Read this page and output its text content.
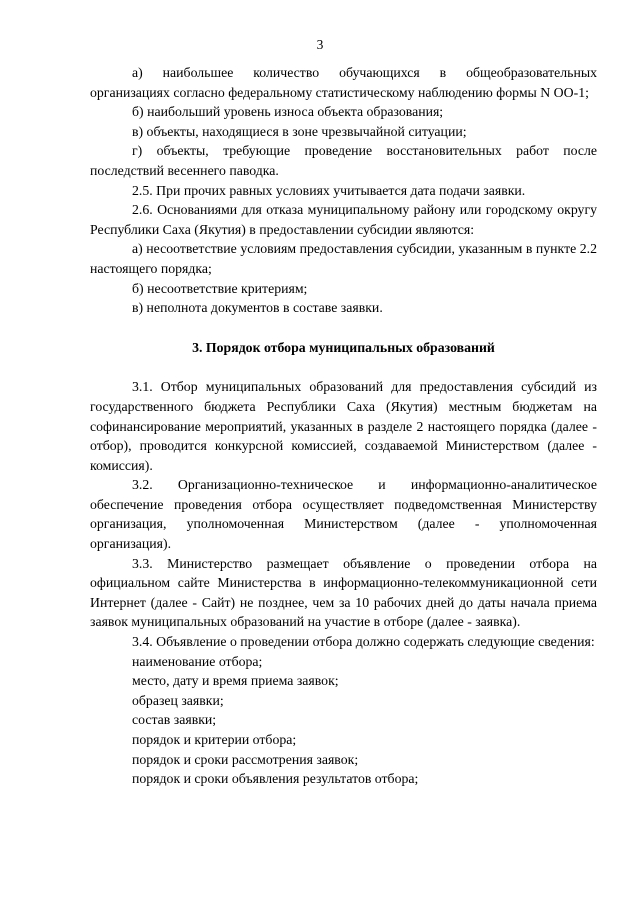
3

а) наибольшее количество обучающихся в общеобразовательных организациях согласно федеральному статистическому наблюдению формы N ОО-1;

б) наибольший уровень износа объекта образования;

в) объекты, находящиеся в зоне чрезвычайной ситуации;

г) объекты, требующие проведение восстановительных работ после последствий весеннего паводка.

2.5. При прочих равных условиях учитывается дата подачи заявки.

2.6. Основаниями для отказа муниципальному району или городскому округу Республики Саха (Якутия) в предоставлении субсидии являются:

а) несоответствие условиям предоставления субсидии, указанным в пункте 2.2 настоящего порядка;

б) несоответствие критериям;

в) неполнота документов в составе заявки.

3. Порядок отбора муниципальных образований

3.1. Отбор муниципальных образований для предоставления субсидий из государственного бюджета Республики Саха (Якутия) местным бюджетам на софинансирование мероприятий, указанных в разделе 2 настоящего порядка (далее - отбор), проводится конкурсной комиссией, создаваемой Министерством (далее - комиссия).

3.2. Организационно-техническое и информационно-аналитическое обеспечение проведения отбора осуществляет подведомственная Министерству организация, уполномоченная Министерством (далее - уполномоченная организация).

3.3. Министерство размещает объявление о проведении отбора на официальном сайте Министерства в информационно-телекоммуникационной сети Интернет (далее - Сайт) не позднее, чем за 10 рабочих дней до даты начала приема заявок муниципальных образований на участие в отборе (далее - заявка).

3.4. Объявление о проведении отбора должно содержать следующие сведения:

наименование отбора;

место, дату и время приема заявок;

образец заявки;

состав заявки;

порядок и критерии отбора;

порядок и сроки рассмотрения заявок;

порядок и сроки объявления результатов отбора;
